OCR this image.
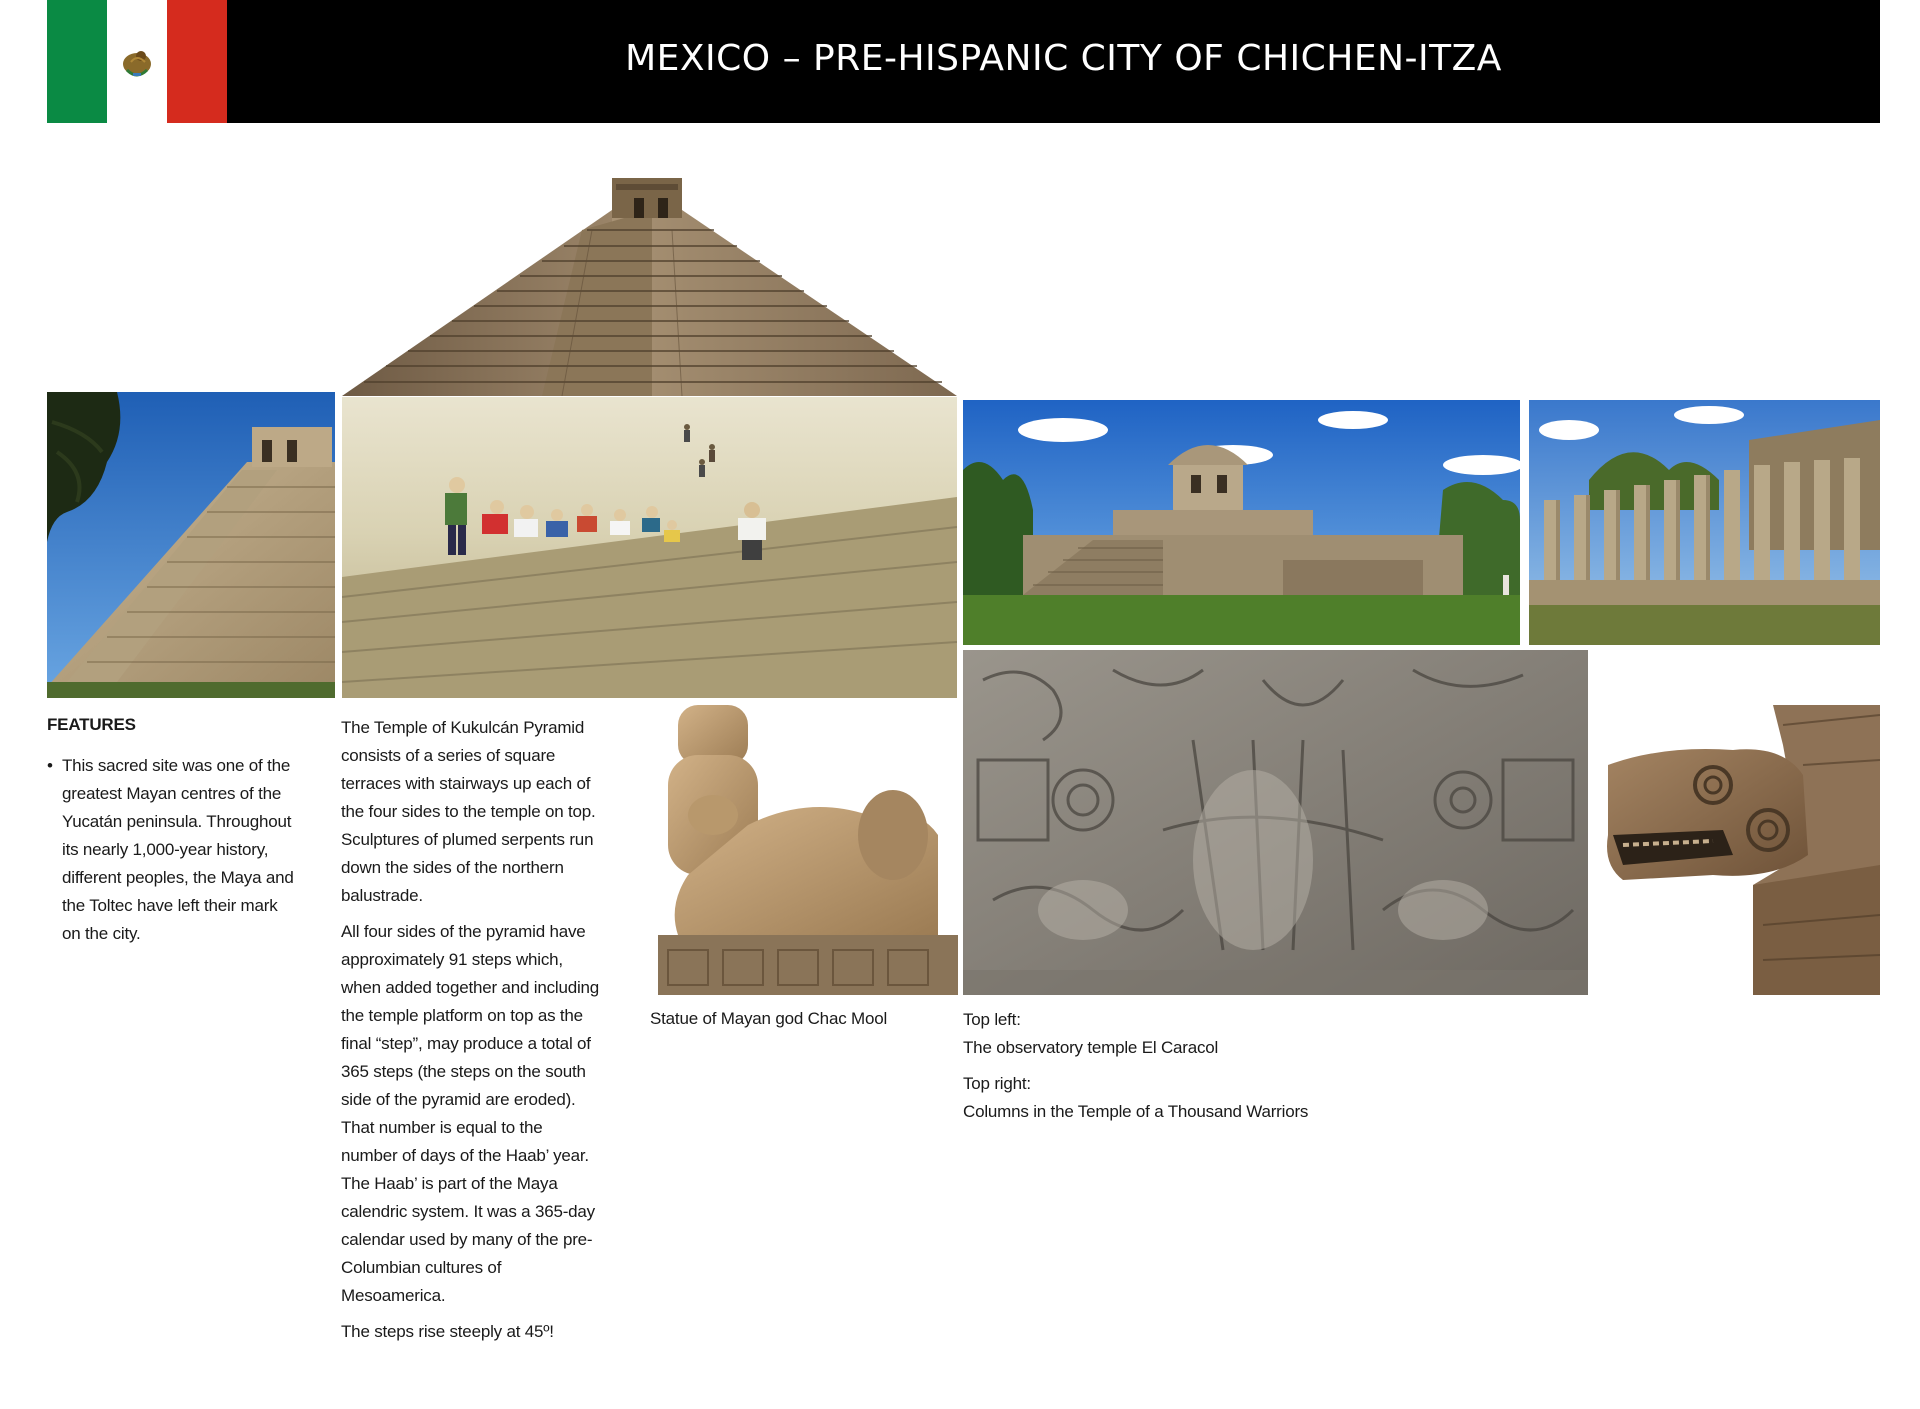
MEXICO – PRE-HISPANIC CITY OF CHICHEN-ITZA
FEATURES
• This sacred site was one of the greatest Mayan centres of the Yucatán peninsula. Throughout its nearly 1,000-year history, different peoples, the Maya and the Toltec have left their mark on the city.

The Temple of Kukulcán Pyramid consists of a series of square terraces with stairways up each of the four sides to the temple on top. Sculptures of plumed serpents run down the sides of the northern balustrade.

All four sides of the pyramid have approximately 91 steps which, when added together and including the temple platform on top as the final “step”, may produce a total of 365 steps (the steps on the south side of the pyramid are eroded). That number is equal to the number of days of the Haab’ year. The Haab’ is part of the Maya calendric system. It was a 365-day calendar used by many of the pre-Columbian cultures of Mesoamerica.

The steps rise steeply at 45º!

Statue of Mayan god Chac Mool	Top left:
The observatory temple El Caracol
Top right:
Columns in the Temple of a Thousand Warriors
